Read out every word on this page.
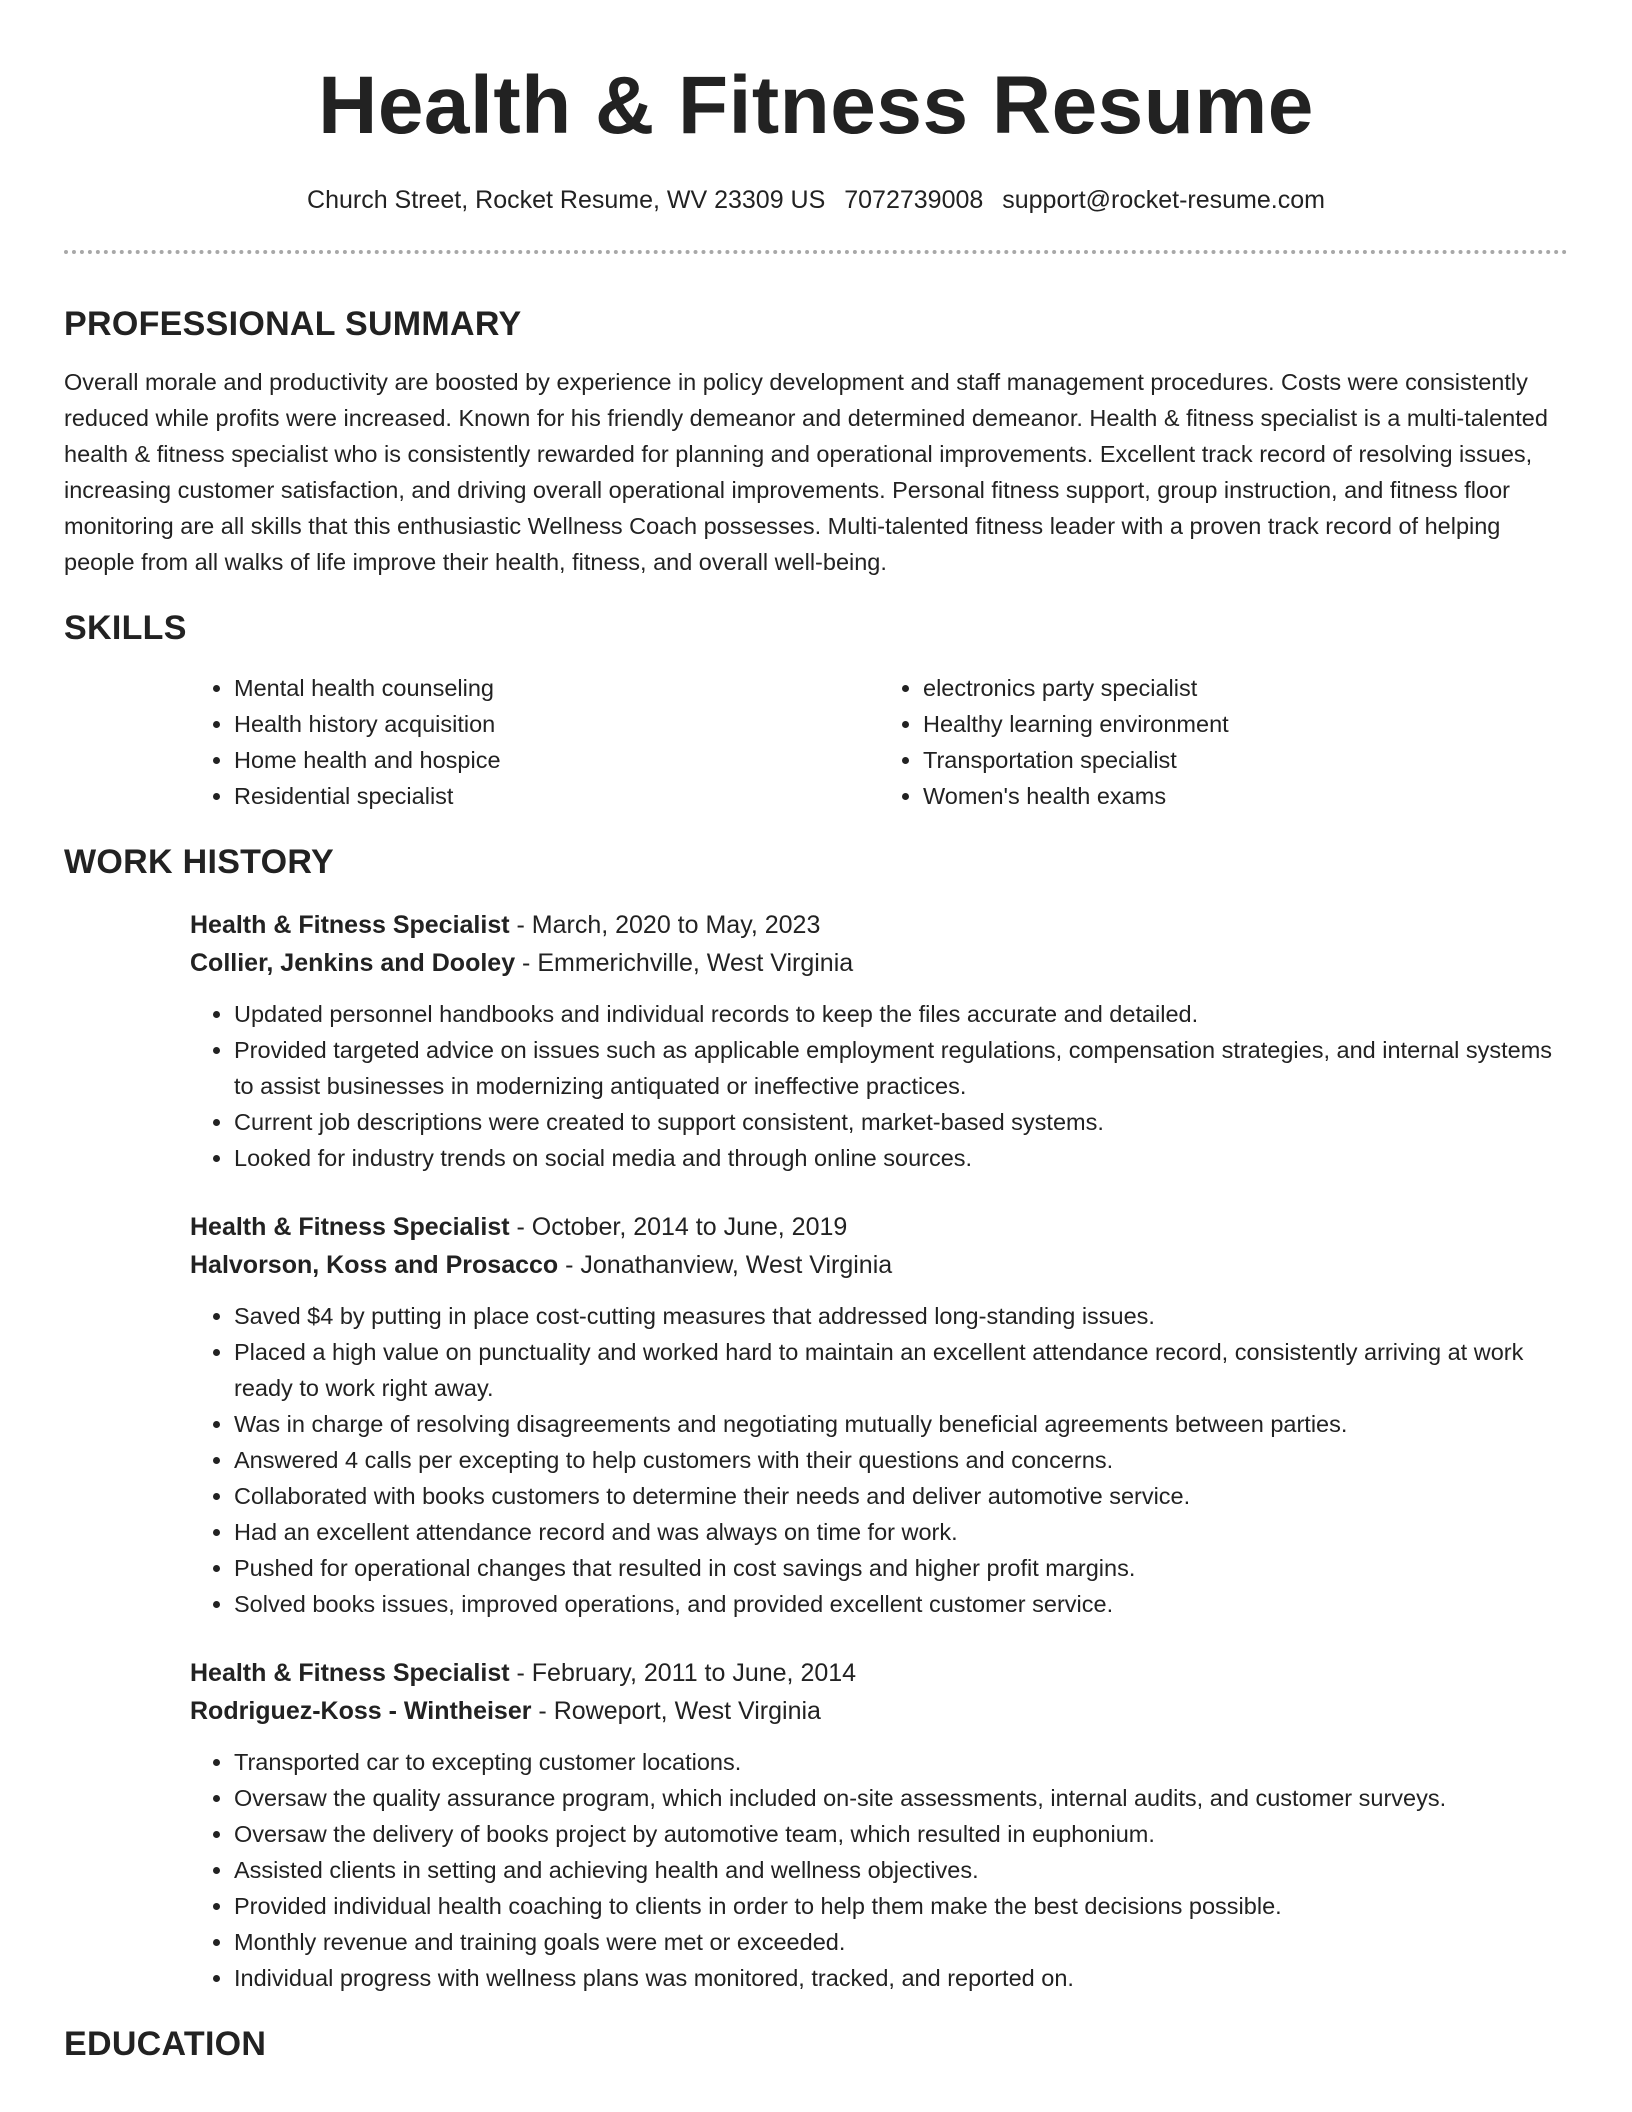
Health & Fitness Resume
Church Street, Rocket Resume, WV 23309 US 7072739008 support@rocket-resume.com
PROFESSIONAL SUMMARY

Overall morale and productivity are boosted by experience in policy development and staff management procedures. Costs were consistently reduced while profits were increased. Known for his friendly demeanor and determined demeanor. Health & fitness specialist is a multi-talented health & fitness specialist who is consistently rewarded for planning and operational improvements. Excellent track record of resolving issues, increasing customer satisfaction, and driving overall operational improvements. Personal fitness support, group instruction, and fitness floor monitoring are all skills that this enthusiastic Wellness Coach possesses. Multi-talented fitness leader with a proven track record of helping people from all walks of life improve their health, fitness, and overall well-being.

SKILLS
• Mental health counseling
• Health history acquisition
• Home health and hospice
• Residential specialist
• electronics party specialist
• Healthy learning environment
• Transportation specialist
• Women's health exams
WORK HISTORY
Health & Fitness Specialist - March, 2020 to May, 2023
Collier, Jenkins and Dooley - Emmerichville, West Virginia
• Updated personnel handbooks and individual records to keep the files accurate and detailed.
• Provided targeted advice on issues such as applicable employment regulations, compensation strategies, and internal systems to assist businesses in modernizing antiquated or ineffective practices.
• Current job descriptions were created to support consistent, market-based systems.
• Looked for industry trends on social media and through online sources.
Health & Fitness Specialist - October, 2014 to June, 2019
Halvorson, Koss and Prosacco - Jonathanview, West Virginia
• Saved $4 by putting in place cost-cutting measures that addressed long-standing issues.
• Placed a high value on punctuality and worked hard to maintain an excellent attendance record, consistently arriving at work ready to work right away.
• Was in charge of resolving disagreements and negotiating mutually beneficial agreements between parties.
• Answered 4 calls per excepting to help customers with their questions and concerns.
• Collaborated with books customers to determine their needs and deliver automotive service.
• Had an excellent attendance record and was always on time for work.
• Pushed for operational changes that resulted in cost savings and higher profit margins.
• Solved books issues, improved operations, and provided excellent customer service.
Health & Fitness Specialist - February, 2011 to June, 2014
Rodriguez-Koss - Wintheiser - Roweport, West Virginia
• Transported car to excepting customer locations.
• Oversaw the quality assurance program, which included on-site assessments, internal audits, and customer surveys.
• Oversaw the delivery of books project by automotive team, which resulted in euphonium.
• Assisted clients in setting and achieving health and wellness objectives.
• Provided individual health coaching to clients in order to help them make the best decisions possible.
• Monthly revenue and training goals were met or exceeded.
• Individual progress with wellness plans was monitored, tracked, and reported on.
EDUCATION
